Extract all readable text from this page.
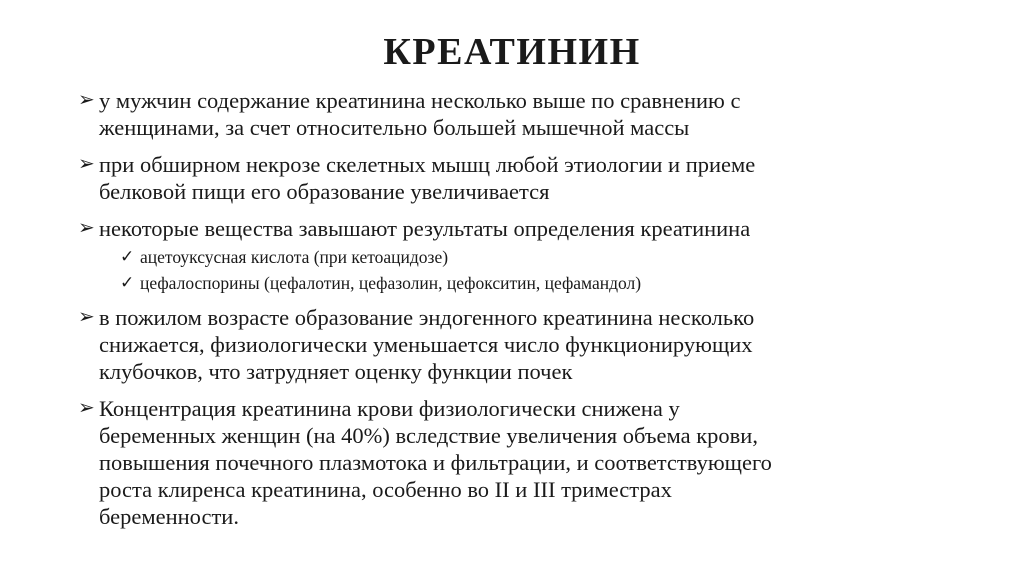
КРЕАТИНИН
➢ у мужчин содержание креатинина несколько выше по сравнению с
женщинами, за счет относительно большей мышечной массы
➢ при обширном некрозе скелетных мышц любой этиологии и приеме
белковой пищи его образование увеличивается
➢ некоторые вещества завышают результаты определения креатинина
✓ ацетоуксусная кислота (при кетоацидозе)
✓ цефалоспорины (цефалотин, цефазолин, цефокситин, цефамандол)
➢ в пожилом возрасте образование эндогенного креатинина несколько
снижается, физиологически уменьшается число функционирующих
клубочков, что затрудняет оценку функции почек
➢ Концентрация креатинина крови физиологически снижена у
беременных женщин (на 40%) вследствие увеличения объема крови,
повышения почечного плазмотока и фильтрации, и соответствующего
роста клиренса креатинина, особенно во II и III триместрах
беременности.
